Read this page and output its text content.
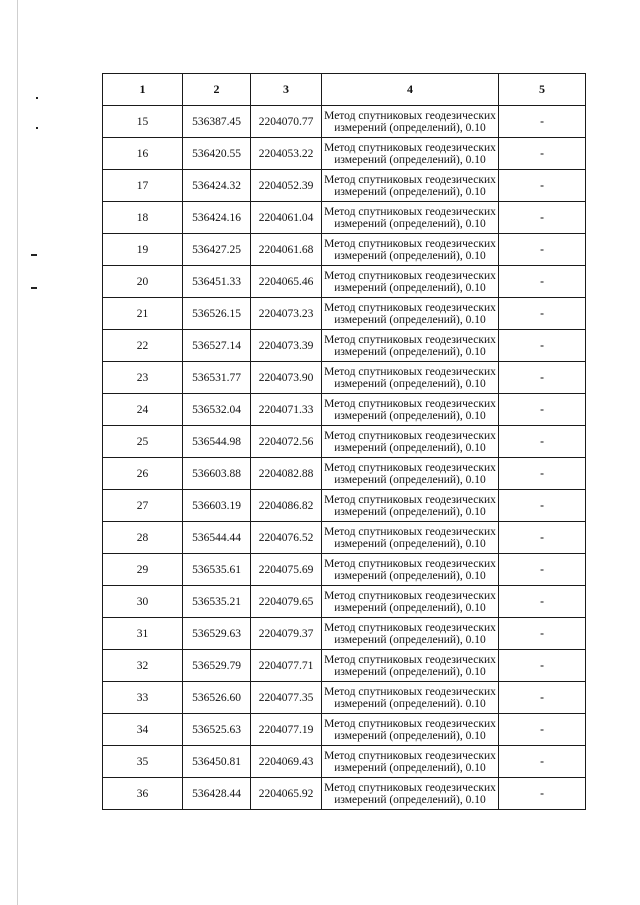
1	2	3	4	5
15	536387.45	2204070.77	Метод спутниковых геодезических
измерений (определений), 0.10	-
16	536420.55	2204053.22	Метод спутниковых геодезических
измерений (определений), 0.10	-
17	536424.32	2204052.39	Метод спутниковых геодезических
измерений (определений), 0.10	-
18	536424.16	2204061.04	Метод спутниковых геодезических
измерений (определений), 0.10	-
19	536427.25	2204061.68	Метод спутниковых геодезических
измерений (определений), 0.10	-
20	536451.33	2204065.46	Метод спутниковых геодезических
измерений (определений), 0.10	-
21	536526.15	2204073.23	Метод спутниковых геодезических
измерений (определений), 0.10	-
22	536527.14	2204073.39	Метод спутниковых геодезических
измерений (определений), 0.10	-
23	536531.77	2204073.90	Метод спутниковых геодезических
измерений (определений), 0.10	-
24	536532.04	2204071.33	Метод спутниковых геодезических
измерений (определений), 0.10	-
25	536544.98	2204072.56	Метод спутниковых геодезических
измерений (определений), 0.10	-
26	536603.88	2204082.88	Метод спутниковых геодезических
измерений (определений), 0.10	-
27	536603.19	2204086.82	Метод спутниковых геодезических
измерений (определений), 0.10	-
28	536544.44	2204076.52	Метод спутниковых геодезических
измерений (определений), 0.10	-
29	536535.61	2204075.69	Метод спутниковых геодезических
измерений (определений), 0.10	-
30	536535.21	2204079.65	Метод спутниковых геодезических
измерений (определений), 0.10	-
31	536529.63	2204079.37	Метод спутниковых геодезических
измерений (определений), 0.10	-
32	536529.79	2204077.71	Метод спутниковых геодезических
измерений (определений), 0.10	-
33	536526.60	2204077.35	Метод спутниковых геодезических
измерений (определений). 0.10	-
34	536525.63	2204077.19	Метод спутниковых геодезических
измерений (определений), 0.10	-
35	536450.81	2204069.43	Метод спутниковых геодезических
измерений (определений), 0.10	-
36	536428.44	2204065.92	Метод спутниковых геодезических
измерений (определений), 0.10	-
